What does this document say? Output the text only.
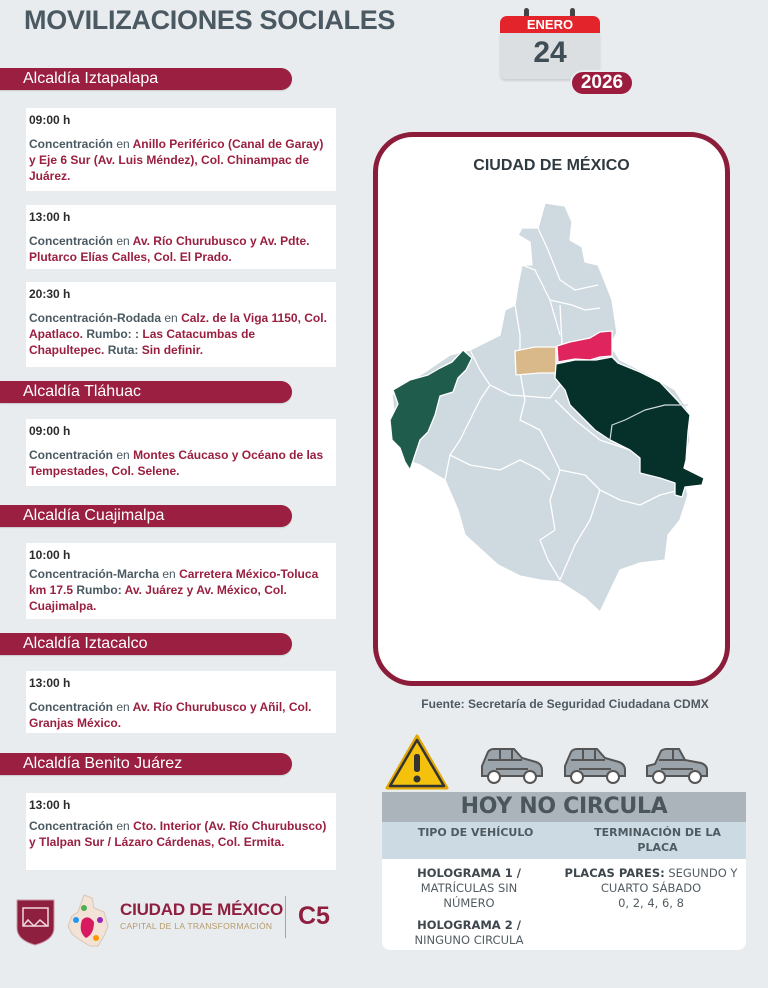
MOVILIZACIONES SOCIALES	ENERO
24
2026
Alcaldía Iztapalapa
09:00 h
Concentración en Anillo Periférico (Canal de Garay) y Eje 6 Sur (Av. Luis Méndez), Col. Chinampac de Juárez.
13:00 h
Concentración en Av. Río Churubusco y Av. Pdte. Plutarco Elías Calles, Col. El Prado.
20:30 h
Concentración-Rodada en Calz. de la Viga 1150, Col. Apatlaco. Rumbo: : Las Catacumbas de Chapultepec. Ruta: Sin definir.
Alcaldía Tláhuac
09:00 h
Concentración en Montes Cáucaso y Océano de las Tempestades, Col. Selene.
Alcaldía Cuajimalpa
10:00 h
Concentración-Marcha en Carretera México-Toluca km 17.5 Rumbo: Av. Juárez y Av. México, Col. Cuajimalpa.
Alcaldía Iztacalco
13:00 h
Concentración en Av. Río Churubusco y Añil, Col. Granjas México.
Alcaldía Benito Juárez
13:00 h
Concentración en Cto. Interior (Av. Río Churubusco) y Tlalpan Sur / Lázaro Cárdenas, Col. Ermita.
CIUDAD DE MÉXICO
Fuente: Secretaría de Seguridad Ciudadana CDMX
HOY NO CIRCULA
TIPO DE VEHÍCULO	TERMINACIÓN DE LA PLACA
HOLOGRAMA 1 /
MATRÍCULAS SIN NÚMERO
HOLOGRAMA 2 /
NINGUNO CIRCULA
PLACAS PARES: SEGUNDO Y CUARTO SÁBADO
0, 2, 4, 6, 8
CIUDAD DE MÉXICO
CAPITAL DE LA TRANSFORMACIÓN C5
